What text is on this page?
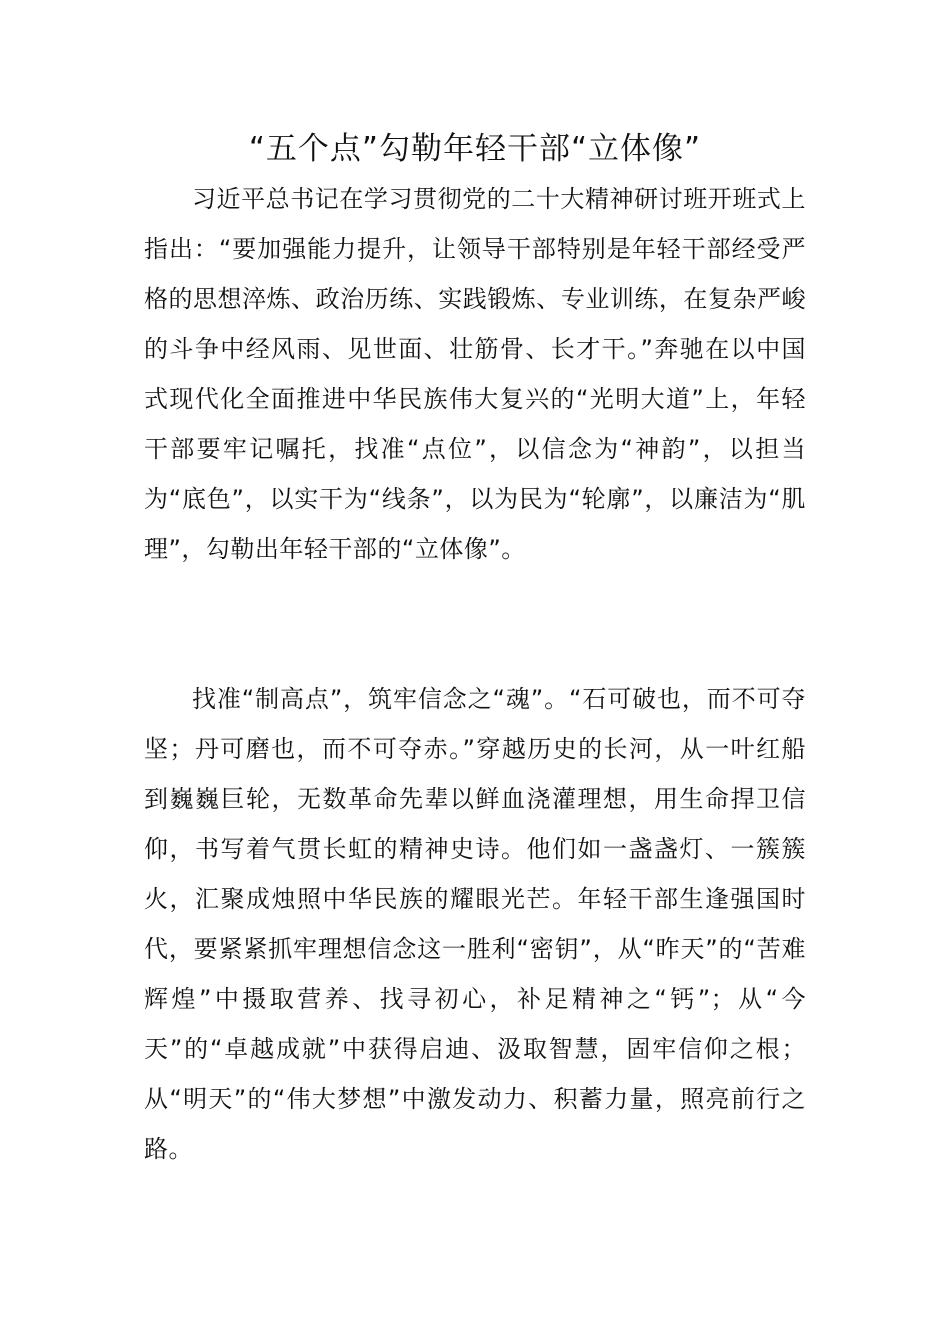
“五个点”勾勒年轻干部“立体像”

习近平总书记在学习贯彻党的二十大精神研讨班开班式上指出：“要加强能力提升，让领导干部特别是年轻干部经受严格的思想淬炼、政治历练、实践锻炼、专业训练，在复杂严峻的斗争中经风雨、见世面、壮筋骨、长才干。”奔驰在以中国式现代化全面推进中华民族伟大复兴的“光明大道”上，年轻干部要牢记嘱托，找准“点位”，以信念为“神韵”，以担当为“底色”，以实干为“线条”，以为民为“轮廓”，以廉洁为“肌理”，勾勒出年轻干部的“立体像”。

找准“制高点”，筑牢信念之“魂”。“石可破也，而不可夺坚；丹可磨也，而不可夺赤。”穿越历史的长河，从一叶红船到巍巍巨轮，无数革命先辈以鲜血浇灌理想，用生命捍卫信仰，书写着气贯长虹的精神史诗。他们如一盏盏灯、一簇簇火，汇聚成烛照中华民族的耀眼光芒。年轻干部生逢强国时代，要紧紧抓牢理想信念这一胜利“密钥”，从“昨天”的“苦难辉煌”中摄取营养、找寻初心，补足精神之“钙”；从“今天”的“卓越成就”中获得启迪、汲取智慧，固牢信仰之根；从“明天”的“伟大梦想”中激发动力、积蓄力量，照亮前行之路。
